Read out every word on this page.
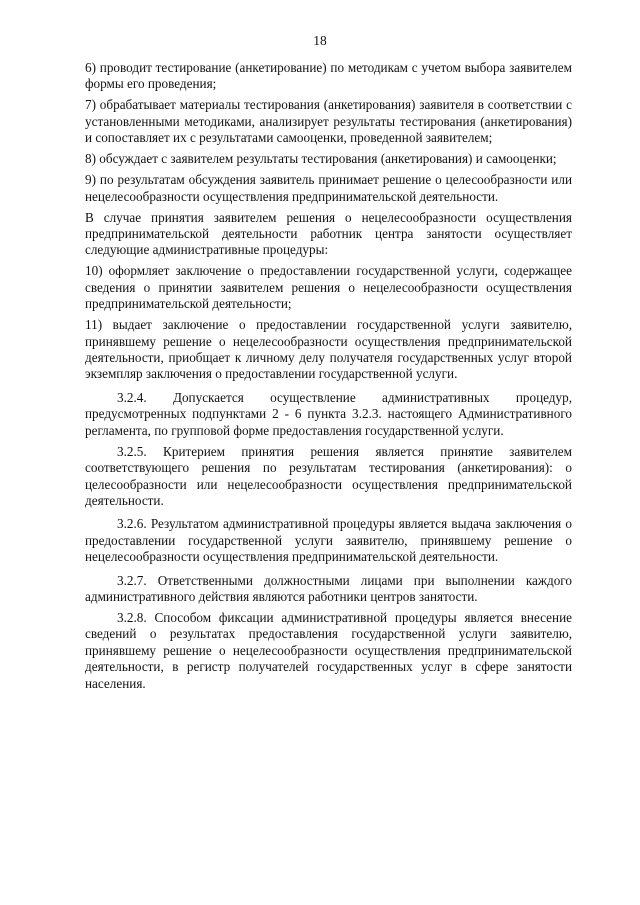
18

6) проводит тестирование (анкетирование) по методикам с учетом выбора заявителем формы его проведения;

7) обрабатывает материалы тестирования (анкетирования) заявителя в соответствии с установленными методиками, анализирует результаты тестирования (анкетирования) и сопоставляет их с результатами самооценки, проведенной заявителем;

8) обсуждает с заявителем результаты тестирования (анкетирования) и самооценки;

9) по результатам обсуждения заявитель принимает решение о целесообразности или нецелесообразности осуществления предпринимательской деятельности.

В случае принятия заявителем решения о нецелесообразности осуществления предпринимательской деятельности работник центра занятости осуществляет следующие административные процедуры:

10) оформляет заключение о предоставлении государственной услуги, содержащее сведения о принятии заявителем решения о нецелесообразности осуществления предпринимательской деятельности;

11) выдает заключение о предоставлении государственной услуги заявителю, принявшему решение о нецелесообразности осуществления предпринимательской деятельности, приобщает к личному делу получателя государственных услуг второй экземпляр заключения о предоставлении государственной услуги.

3.2.4. Допускается осуществление административных процедур, предусмотренных подпунктами 2 - 6 пункта 3.2.3. настоящего Административного регламента, по групповой форме предоставления государственной услуги.

3.2.5. Критерием принятия решения является принятие заявителем соответствующего решения по результатам тестирования (анкетирования): о целесообразности или нецелесообразности осуществления предпринимательской деятельности.

3.2.6. Результатом административной процедуры является выдача заключения о предоставлении государственной услуги заявителю, принявшему решение о нецелесообразности осуществления предпринимательской деятельности.

3.2.7. Ответственными должностными лицами при выполнении каждого административного действия являются работники центров занятости.

3.2.8. Способом фиксации административной процедуры является внесение сведений о результатах предоставления государственной услуги заявителю, принявшему решение о нецелесообразности осуществления предпринимательской деятельности, в регистр получателей государственных услуг в сфере занятости населения.
